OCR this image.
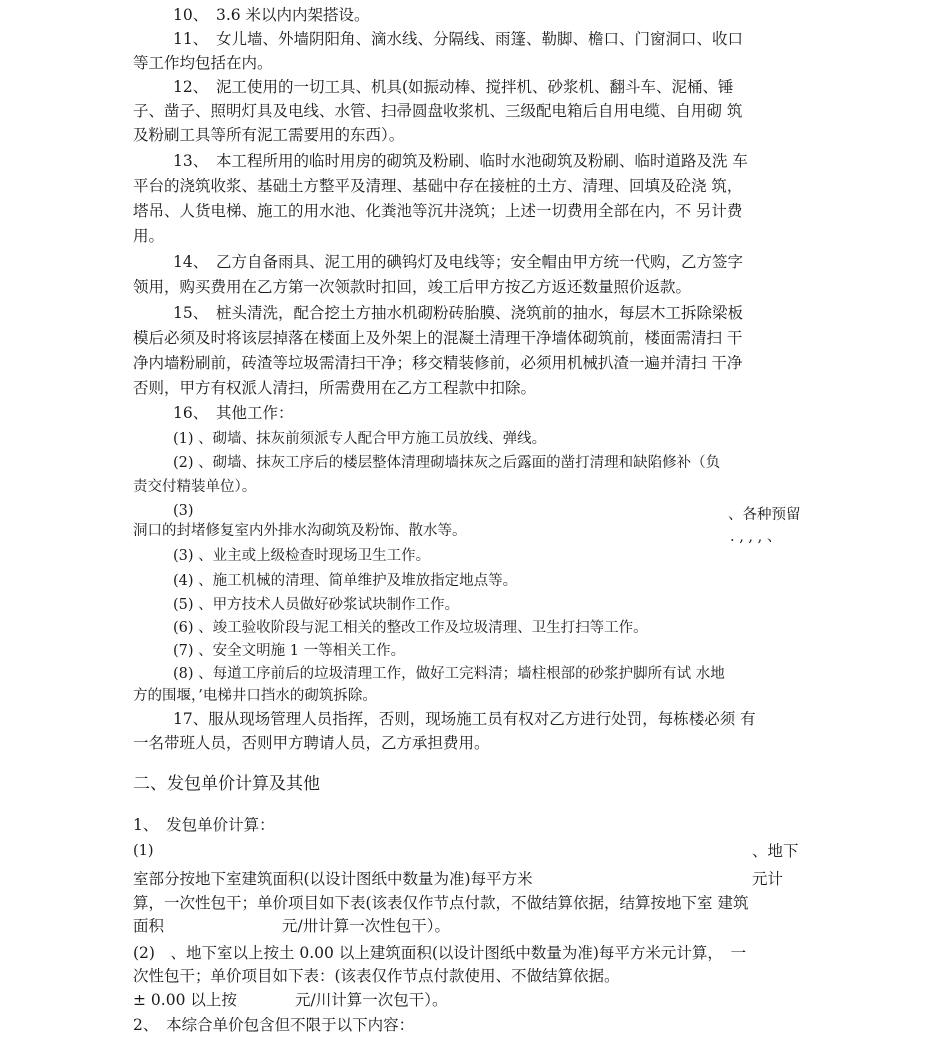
10、　3.6 米以内内架搭设。
11、　女儿墙、外墙阴阳角、滴水线、分隔线、雨篷、勒脚、檐口、门窗洞口、收口
等工作均包括在内。
12、　泥工使用的一切工具、机具(如振动棒、搅拌机、砂浆机、翻斗车、泥桶、锤
子、凿子、照明灯具及电线、水管、扫帚圆盘收浆机、三级配电箱后自用电缆、自用砌 筑
及粉刷工具等所有泥工需要用的东西）。
13、　本工程所用的临时用房的砌筑及粉刷、临时水池砌筑及粉刷、临时道路及洗 车
平台的浇筑收浆、基础土方整平及清理、基础中存在接桩的土方、清理、回填及砼浇 筑，
塔吊、人货电梯、施工的用水池、化粪池等沉井浇筑；上述一切费用全部在内，不 另计费
用。
14、　乙方自备雨具、泥工用的碘钨灯及电线等；安全帽由甲方统一代购，乙方签字
领用，购买费用在乙方第一次领款时扣回，竣工后甲方按乙方返还数量照价返款。
15、　桩头清洗，配合挖土方抽水机砌粉砖胎膜、浇筑前的抽水，每层木工拆除梁板
模后必须及时将该层掉落在楼面上及外架上的混凝土清理干净墙体砌筑前，楼面需清扫 干
净内墙粉刷前，砖渣等垃圾需清扫干净；移交精装修前，必须用机械扒渣一遍并清扫 干净
否则，甲方有权派人清扫，所需费用在乙方工程款中扣除。
16、　其他工作：
(1) 、砌墙、抹灰前须派专人配合甲方施工员放线、弹线。
(2) 、砌墙、抹灰工序后的楼层整体清理砌墙抹灰之后露面的凿打清理和缺陷修补（负
责交付精装单位）。
(3)	、各种预留
洞口的封堵修复室内外排水沟砌筑及粉饰、散水等。	. , , , 、
(3) 、业主或上级检查时现场卫生工作。
(4) 、施工机械的清理、简单维护及堆放指定地点等。
(5) 、甲方技术人员做好砂浆试块制作工作。
(6) 、竣工验收阶段与泥工相关的整改工作及垃圾清理、卫生打扫等工作。
(7) 、安全文明施 1 一等相关工作。
(8) 、每道工序前后的垃圾清理工作，做好工完料清；墙柱根部的砂浆护脚所有试 水地
方的围堰，’电梯井口挡水的砌筑拆除。
17、服从现场管理人员指挥，否则，现场施工员有权对乙方进行处罚，每栋楼必须 有
一名带班人员，否则甲方聘请人员，乙方承担费用。
二、发包单价计算及其他
1、　发包单价计算：
(1)	、地下
室部分按地下室建筑面积(以设计图纸中数量为准)每平方米	元计
算，一次性包干；单价项目如下表(该表仅作节点付款，不做结算依据，结算按地下室 建筑
面积	元/卅计算一次性包干）。
(2)　、地下室以上按土 0.00 以上建筑面积(以设计图纸中数量为准)每平方米元计算，　一
次性包干；单价项目如下表：(该表仅作节点付款使用、不做结算依据。
± 0.00 以上按	元/川计算一次包干）。
2、　本综合单价包含但不限于以下内容：
